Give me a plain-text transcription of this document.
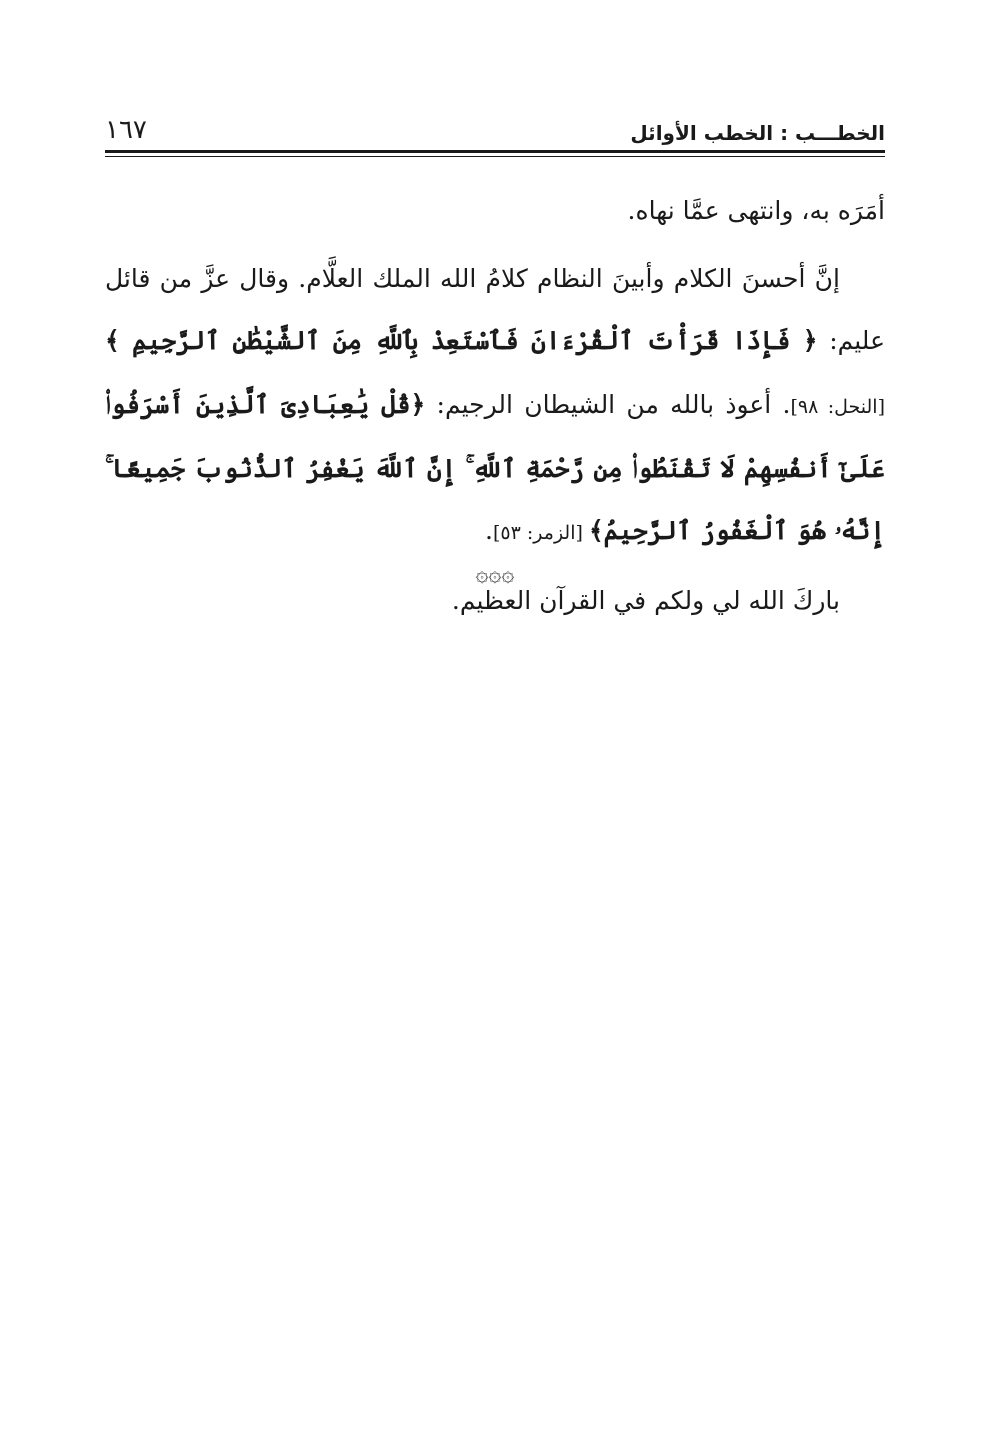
الخطـــب : الخطب الأوائل
١٦٧

أمَرَه به، وانتهى عمَّا نهاه.

إنَّ أحسنَ الكلام وأبينَ النظام كلامُ الله الملك العلَّام. وقال عزَّ من قائل عليم: ﴿ فَإِذَا قَرَأْتَ ٱلْقُرْءَانَ فَٱسْتَعِذْ بِٱللَّهِ مِنَ ٱلشَّيْطَٰنِ ٱلرَّجِيمِ ﴾ [النحل: ٩٨]. أعوذ بالله من الشيطان الرجيم: ﴿قُلْ يَٰعِبَادِىَ ٱلَّذِينَ أَسْرَفُوا۟ عَلَىٰٓ أَنفُسِهِمْ لَا تَقْنَطُوا۟ مِن رَّحْمَةِ ٱللَّهِ ۚ إِنَّ ٱللَّهَ يَغْفِرُ ٱلذُّنُوبَ جَمِيعًا ۚ إِنَّهُۥ هُوَ ٱلْغَفُورُ ٱلرَّحِيمُ﴾ [الزمر: ٥٣].

باركَ الله لي ولكم في القرآن العظيم.

۞۞۞
